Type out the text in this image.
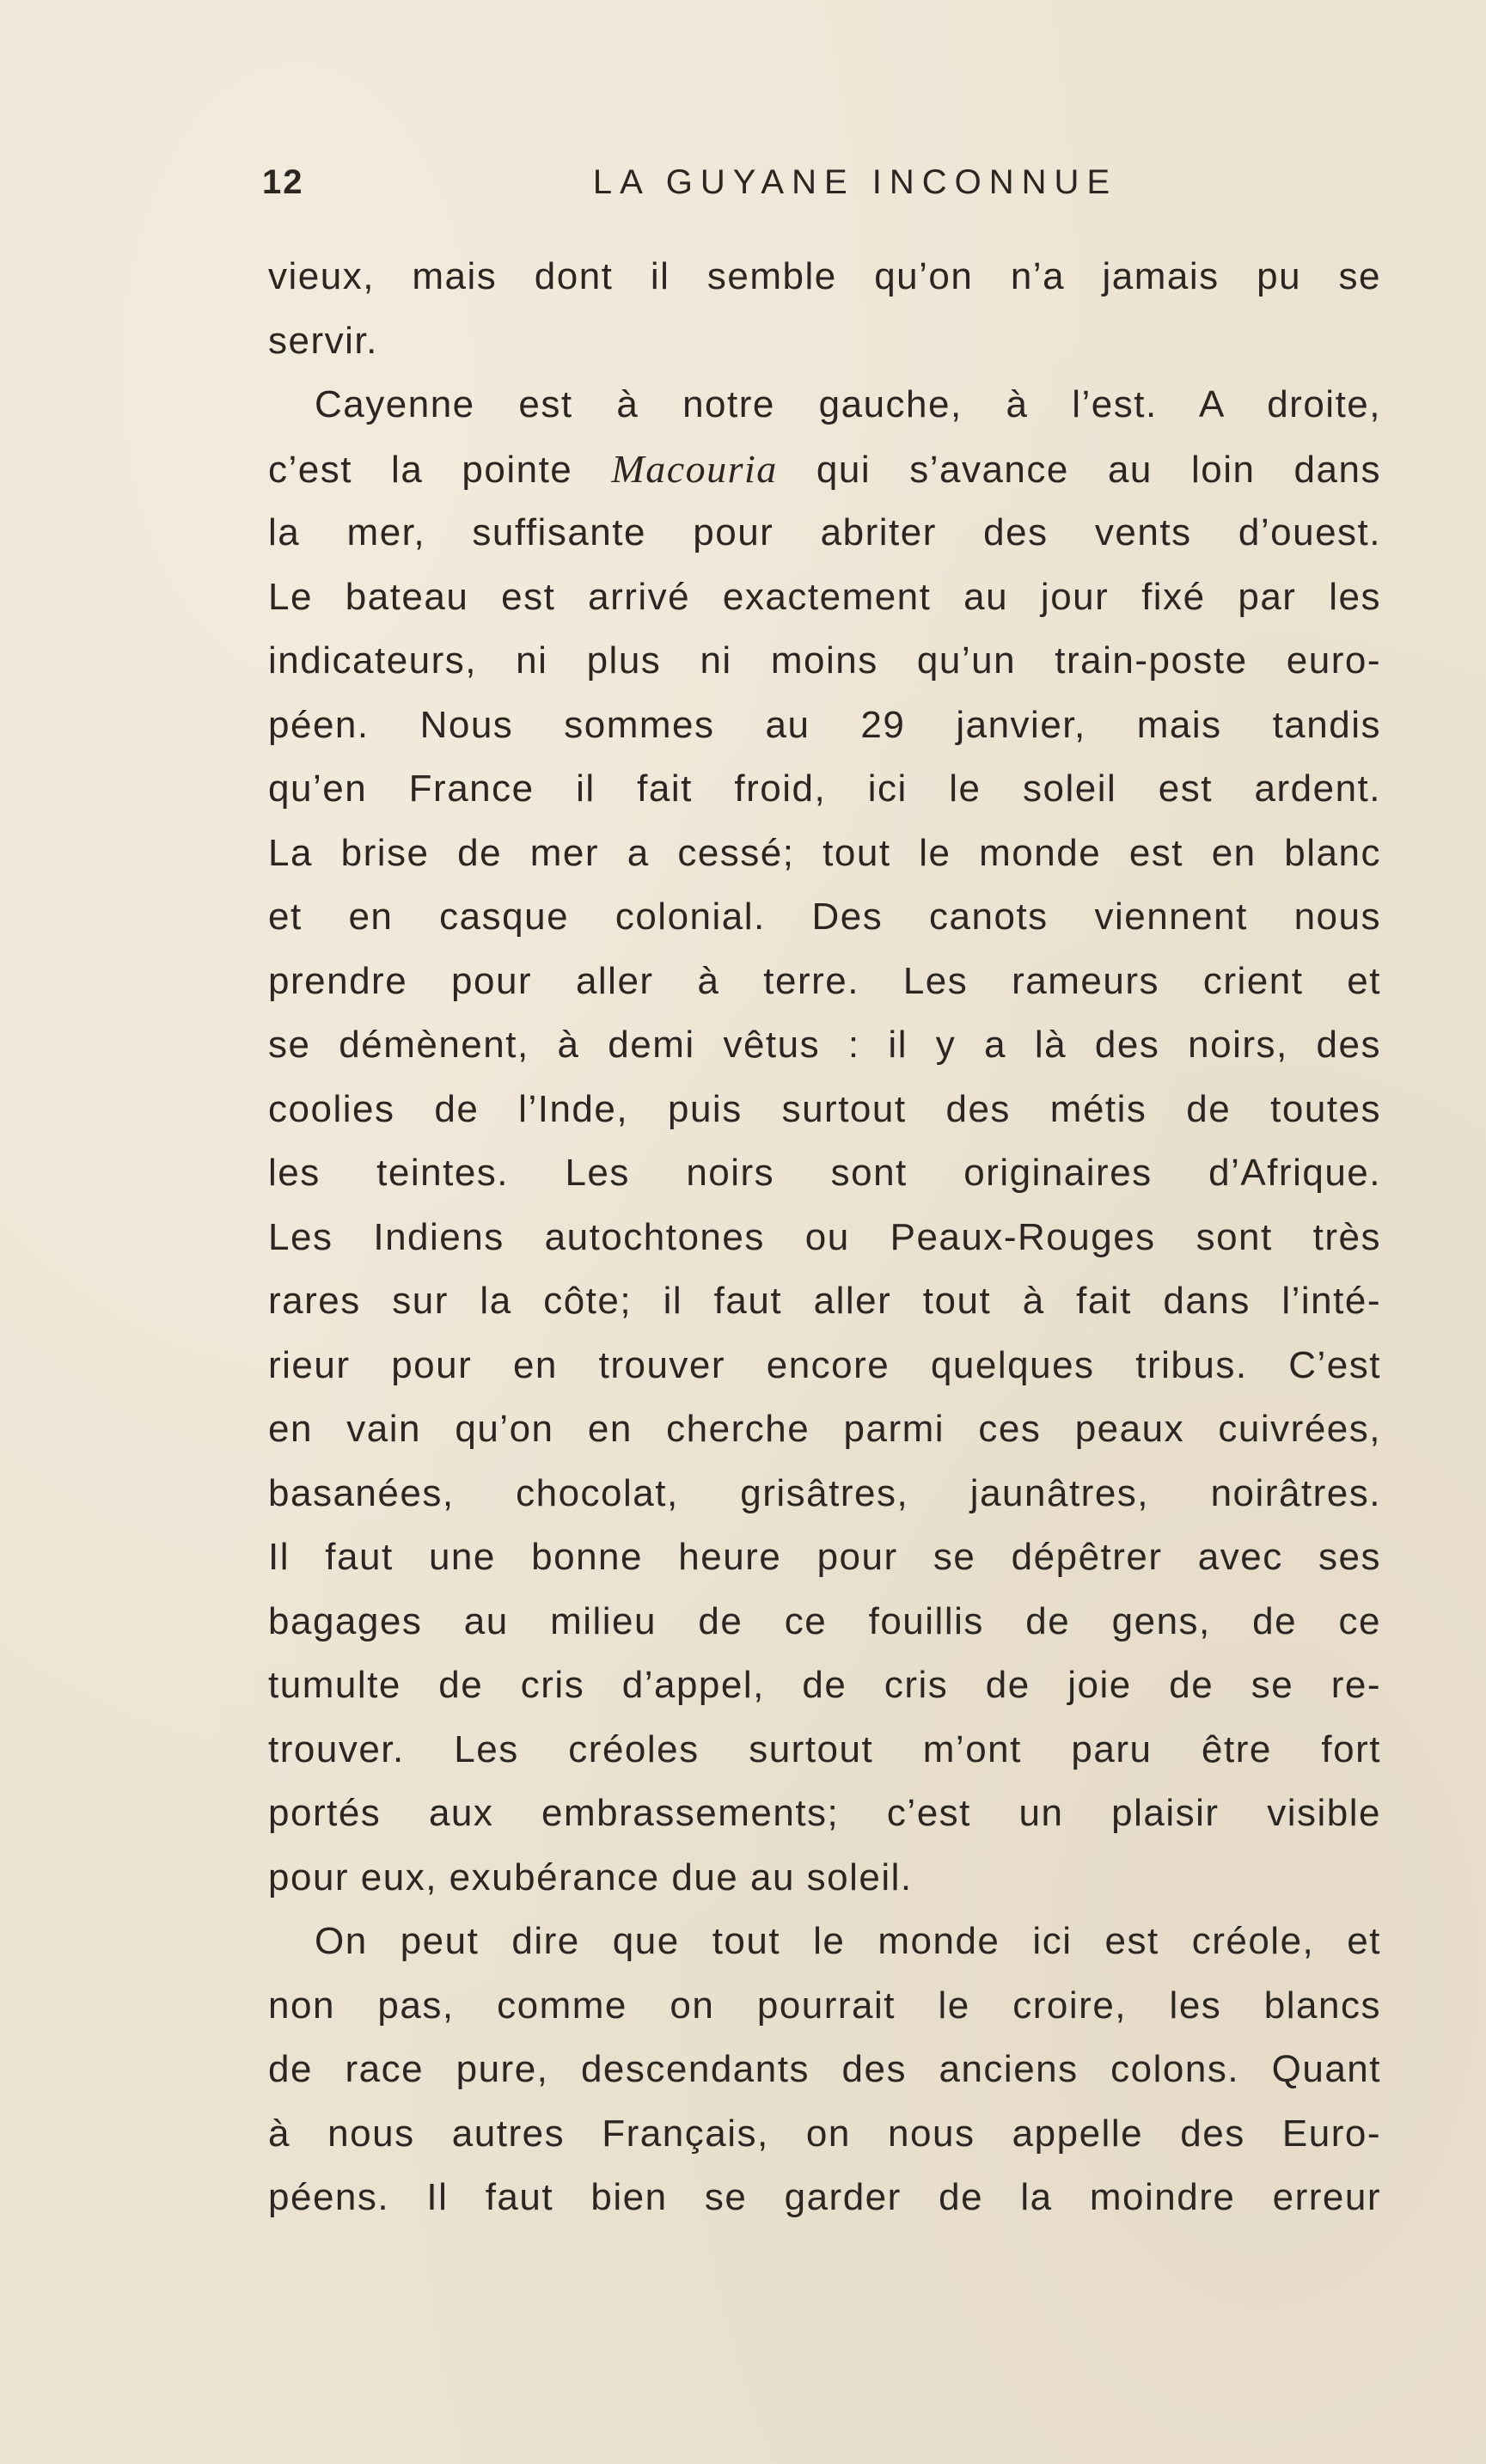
12	LA GUYANE INCONNUE
vieux, mais dont il semble qu’on n’a jamais pu se
servir.
Cayenne est à notre gauche, à l’est. A droite,
c’est la pointe Macouria qui s’avance au loin dans
la mer, suffisante pour abriter des vents d’ouest.
Le bateau est arrivé exactement au jour fixé par les
indicateurs, ni plus ni moins qu’un train-poste euro-
péen. Nous sommes au 29 janvier, mais tandis
qu’en France il fait froid, ici le soleil est ardent.
La brise de mer a cessé; tout le monde est en blanc
et en casque colonial. Des canots viennent nous
prendre pour aller à terre. Les rameurs crient et
se démènent, à demi vêtus : il y a là des noirs, des
coolies de l’Inde, puis surtout des métis de toutes
les teintes. Les noirs sont originaires d’Afrique.
Les Indiens autochtones ou Peaux-Rouges sont très
rares sur la côte; il faut aller tout à fait dans l’inté-
rieur pour en trouver encore quelques tribus. C’est
en vain qu’on en cherche parmi ces peaux cuivrées,
basanées, chocolat, grisâtres, jaunâtres, noirâtres.
Il faut une bonne heure pour se dépêtrer avec ses
bagages au milieu de ce fouillis de gens, de ce
tumulte de cris d’appel, de cris de joie de se re-
trouver. Les créoles surtout m’ont paru être fort
portés aux embrassements; c’est un plaisir visible
pour eux, exubérance due au soleil.
On peut dire que tout le monde ici est créole, et
non pas, comme on pourrait le croire, les blancs
de race pure, descendants des anciens colons. Quant
à nous autres Français, on nous appelle des Euro-
péens. Il faut bien se garder de la moindre erreur
